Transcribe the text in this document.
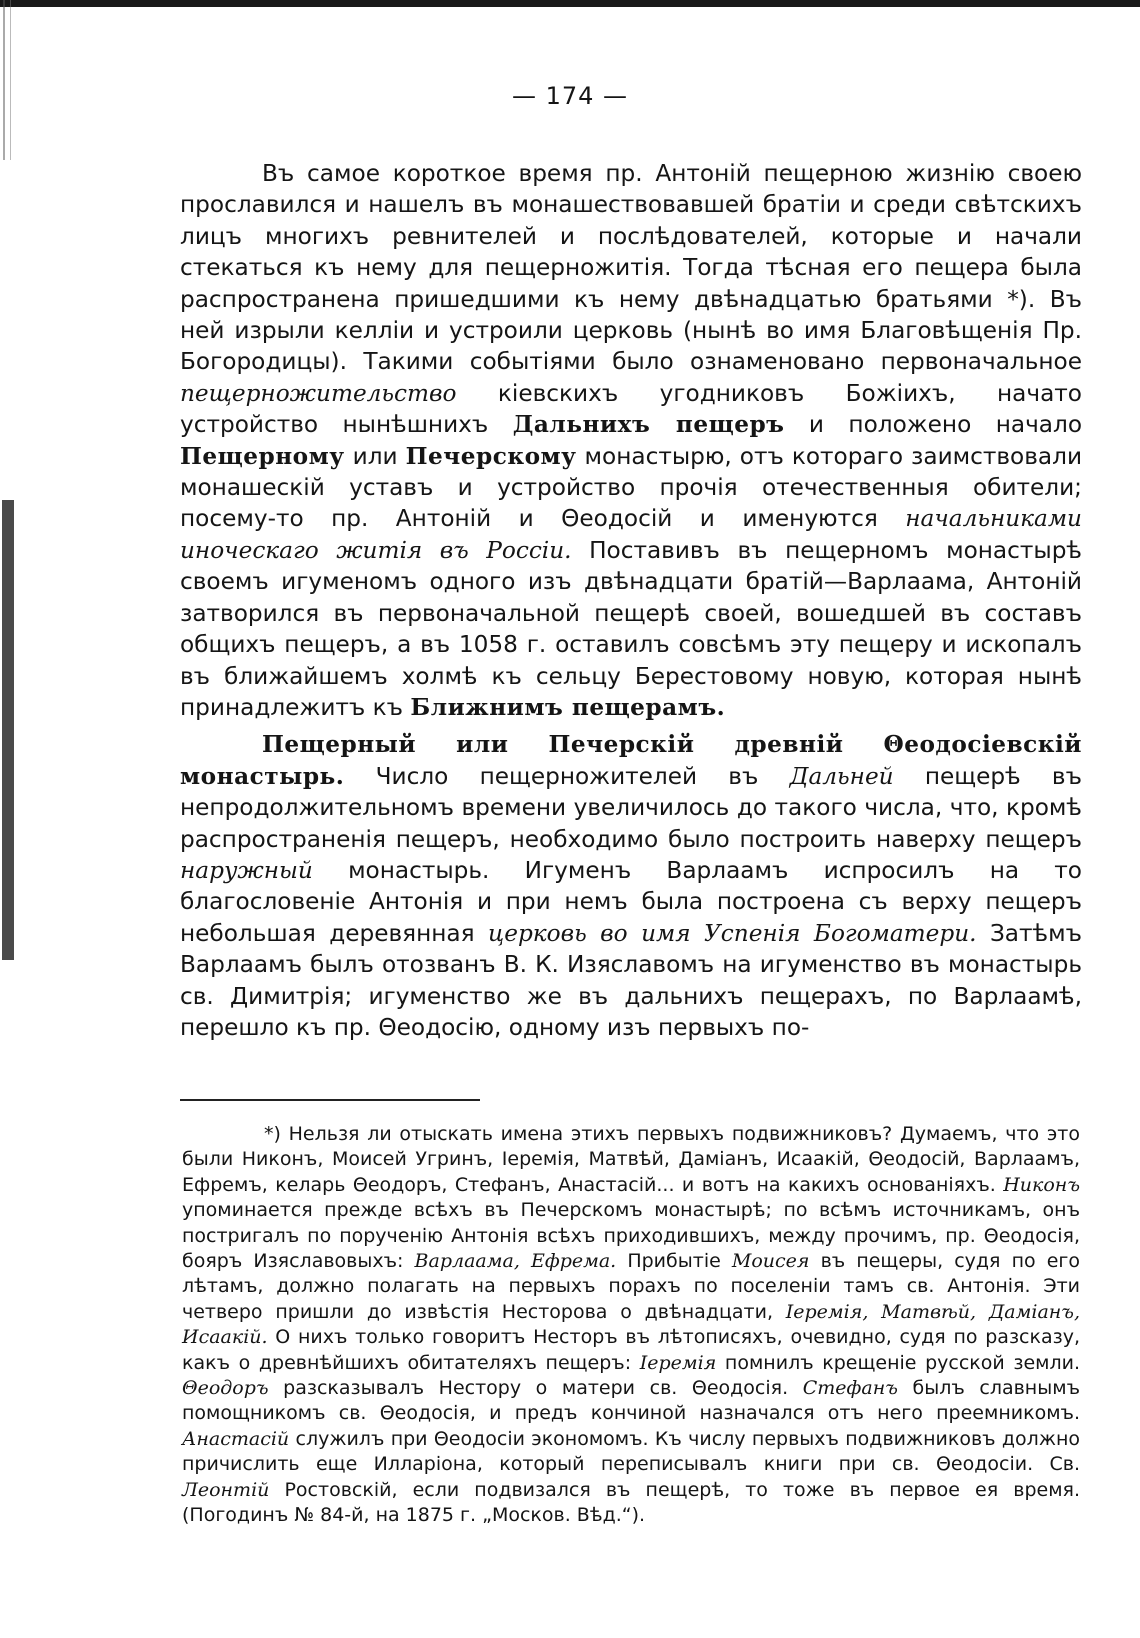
— 174 —

Въ самое короткое время пр. Антоній пещерною жизнію своею прославился и нашелъ въ монашествовавшей братіи и среди свѣтскихъ лицъ многихъ ревнителей и послѣдователей, которые и начали стекаться къ нему для пещерножитія. Тогда тѣсная его пещера была распространена пришедшими къ нему двѣнадцатью братьями *). Въ ней изрыли келліи и устроили церковь (нынѣ во имя Благовѣщенія Пр. Богородицы). Такими событіями было ознаменовано первоначальное пещерножительство кіевскихъ угодниковъ Божіихъ, начато устройство нынѣшнихъ Дальнихъ пещеръ и положено начало Пещерному или Печерскому монастырю, отъ котораго заимствовали монашескій уставъ и устройство прочія отечественныя обители; посему-то пр. Антоній и Θеодосій и именуются начальниками иноческаго житія въ Россіи. Поставивъ въ пещерномъ монастырѣ своемъ игуменомъ одного изъ двѣнадцати братій—Варлаама, Антоній затворился въ первоначальной пещерѣ своей, вошедшей въ составъ общихъ пещеръ, а въ 1058 г. оставилъ совсѣмъ эту пещеру и ископалъ въ ближайшемъ холмѣ къ сельцу Берестовому новую, которая нынѣ принадлежитъ къ Ближнимъ пещерамъ.

Пещерный или Печерскій древній Θеодосіевскій монастырь. Число пещерножителей въ Дальней пещерѣ въ непродолжительномъ времени увеличилось до такого числа, что, кромѣ распространенія пещеръ, необходимо было построить наверху пещеръ наружный монастырь. Игуменъ Варлаамъ испросилъ на то благословеніе Антонія и при немъ была построена съ верху пещеръ небольшая деревянная церковь во имя Успенія Богоматери. Затѣмъ Варлаамъ былъ отозванъ В. К. Изяславомъ на игуменство въ монастырь св. Димитрія; игуменство же въ дальнихъ пещерахъ, по Варлаамѣ, перешло къ пр. Θеодосію, одному изъ первыхъ по-

*) Нельзя ли отыскать имена этихъ первыхъ подвижниковъ? Думаемъ, что это были Никонъ, Моисей Угринъ, Іеремія, Матвѣй, Даміанъ, Исаакій, Θеодосій, Варлаамъ, Ефремъ, келарь Θеодоръ, Стефанъ, Анастасій... и вотъ на какихъ основаніяхъ. Никонъ упоминается прежде всѣхъ въ Печерскомъ монастырѣ; по всѣмъ источникамъ, онъ постригалъ по порученію Антонія всѣхъ приходившихъ, между прочимъ, пр. Θеодосія, бояръ Изяславовыхъ: Варлаама, Ефрема. Прибытіе Моисея въ пещеры, судя по его лѣтамъ, должно полагать на первыхъ порахъ по поселеніи тамъ св. Антонія. Эти четверо пришли до извѣстія Несторова о двѣнадцати, Іеремія, Матвѣй, Даміанъ, Исаакій. О нихъ только говоритъ Несторъ въ лѣтописяхъ, очевидно, судя по разсказу, какъ о древнѣйшихъ обитателяхъ пещеръ: Іеремія помнилъ крещеніе русской земли. Θеодоръ разсказывалъ Нестору о матери св. Θеодосія. Стефанъ былъ славнымъ помощникомъ св. Θеодосія, и предъ кончиной назначался отъ него преемникомъ. Анастасій служилъ при Θеодосіи экономомъ. Къ числу первыхъ подвижниковъ должно причислить еще Илларіона, который переписывалъ книги при св. Θеодосіи. Св. Леонтій Ростовскій, если подвизался въ пещерѣ, то тоже въ первое ея время. (Погодинъ № 84-й, на 1875 г. „Москов. Вѣд.“).
